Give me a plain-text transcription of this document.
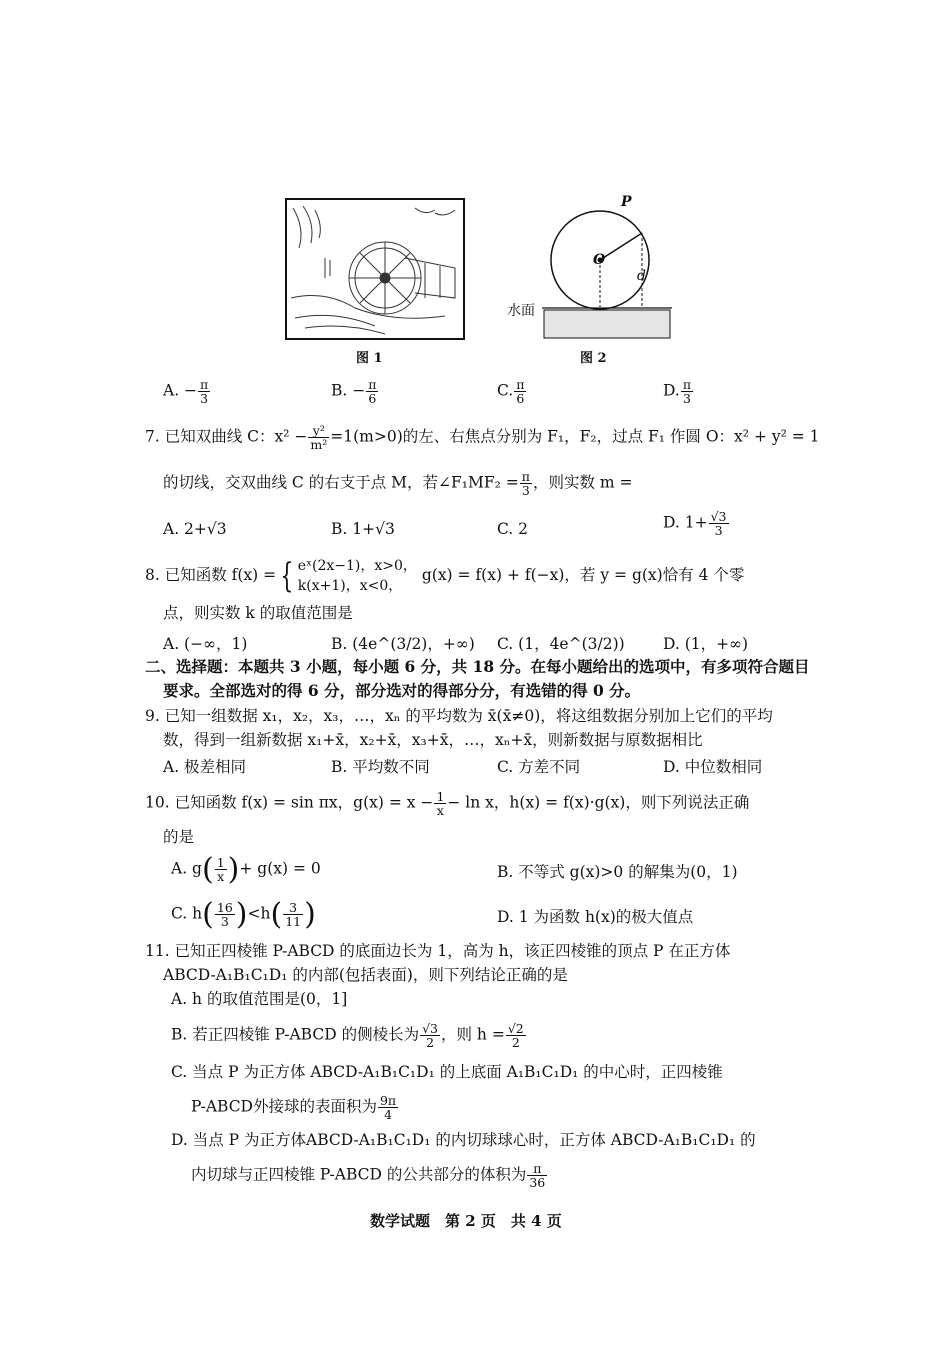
图 1
P
O
d
水面
图 2
A. − $\frac{\pi}{3}$	B. − $\frac{\pi}{6}$	C. $\frac{\pi}{6}$	D. $\frac{\pi}{3}$
7. 已知双曲线 C：$x^2 - \frac{\text{y²}}{\text{m²}} =1(m>0)$的左、右焦点分别为 F₁，F₂，过点 F₁ 作圆 O：x² + y² = 1
的切线，交双曲线 C 的右支于点 M，若∠F₁MF₂ = $\frac{\pi}{3}$ ，则实数 m =
A. 2+√3	B. 1+√3	C. 2	D. $1+ \frac{√3}{3}$
8. 已知函数 f(x) = { eˣ(2x−1)，x>0，
k(x+1)，x<0，
g(x) = f(x) + f(−x)，若 y = g(x)恰有 4 个零
点，则实数 k 的取值范围是
A. (−∞，1)	B. (4e^(3/2)，+∞) C. (1，4e^(3/2)) D. (1，+∞)
二、选择题：本题共 3 小题，每小题 6 分，共 18 分。在每小题给出的选项中，有多项符合题目
要求。全部选对的得 6 分，部分选对的得部分分，有选错的得 0 分。
9. 已知一组数据 x₁，x₂，x₃，…，xₙ 的平均数为 x̄(x̄≠0)，将这组数据分别加上它们的平均
数，得到一组新数据 x₁+x̄，x₂+x̄，x₃+x̄，…，xₙ+x̄，则新数据与原数据相比
A. 极差相同	B. 平均数不同	C. 方差不同	D. 中位数相同
10. 已知函数 f(x) = sin πx，$g(x) = x - \frac{1}{x} - \ln x$，h(x) = f(x)·g(x)，则下列说法正确
的是
A. $g( \frac{1}{x}$ )+ g(x) = 0	B. 不等式 g(x)>0 的解集为(0，1)
C. $h( \frac{16}{3} )<h( \frac{3}{11}$ )	D. 1 为函数 h(x)的极大值点
11. 已知正四棱锥 P-ABCD 的底面边长为 1，高为 h，该正四棱锥的顶点 P 在正方体
ABCD-A₁B₁C₁D₁ 的内部(包括表面)，则下列结论正确的是
A. h 的取值范围是(0，1]
B. 若正四棱锥 P-ABCD 的侧棱长为 $\frac{√3}{2}$ ，则 $h = \frac{√2}{2}$
C. 当点 P 为正方体 ABCD-A₁B₁C₁D₁ 的上底面 A₁B₁C₁D₁ 的中心时，正四棱锥
P-ABCD外接球的表面积为 $\frac{9\pi}{4}$
D. 当点 P 为正方体ABCD-A₁B₁C₁D₁ 的内切球球心时，正方体 ABCD-A₁B₁C₁D₁ 的
内切球与正四棱锥 P-ABCD 的公共部分的体积为 $\frac{\pi}{36}$
数学试题　第 2 页　共 4 页
